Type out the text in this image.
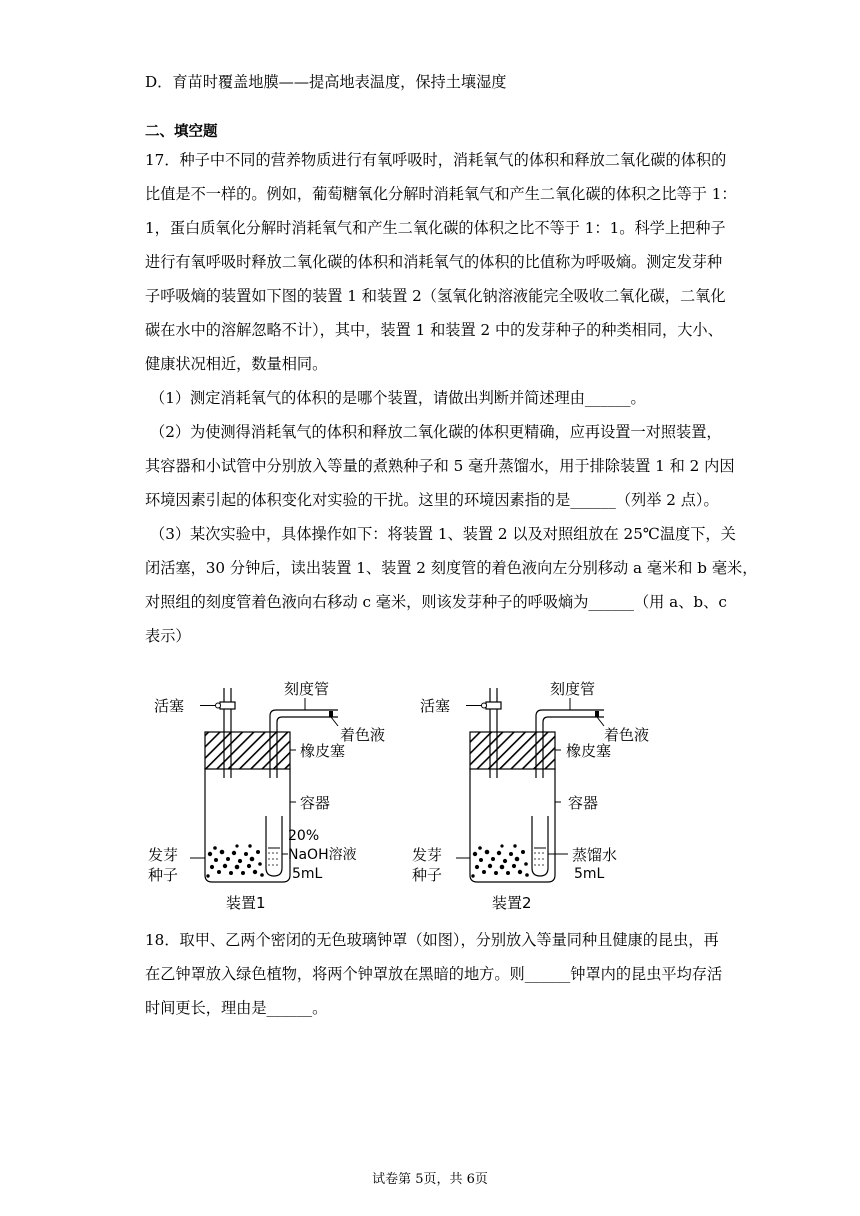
D．育苗时覆盖地膜——提高地表温度，保持土壤湿度
二、填空题
17．种子中不同的营养物质进行有氧呼吸时，消耗氧气的体积和释放二氧化碳的体积的
比值是不一样的。例如，葡萄糖氧化分解时消耗氧气和产生二氧化碳的体积之比等于 1：
1，蛋白质氧化分解时消耗氧气和产生二氧化碳的体积之比不等于 1：1。科学上把种子
进行有氧呼吸时释放二氧化碳的体积和消耗氧气的体积的比值称为呼吸熵。测定发芽种
子呼吸熵的装置如下图的装置 1 和装置 2（氢氧化钠溶液能完全吸收二氧化碳，二氧化
碳在水中的溶解忽略不计），其中，装置 1 和装置 2 中的发芽种子的种类相同，大小、
健康状况相近，数量相同。
（1）测定消耗氧气的体积的是哪个装置，请做出判断并简述理由______。
（2）为使测得消耗氧气的体积和释放二氧化碳的体积更精确，应再设置一对照装置，
其容器和小试管中分别放入等量的煮熟种子和 5 毫升蒸馏水，用于排除装置 1 和 2 内因
环境因素引起的体积变化对实验的干扰。这里的环境因素指的是______（列举 2 点）。
（3）某次实验中，具体操作如下：将装置 1、装置 2 以及对照组放在 25℃温度下，关
闭活塞，30 分钟后，读出装置 1、装置 2 刻度管的着色液向左分别移动 a 毫米和 b 毫米，
对照组的刻度管着色液向右移动 c 毫米，则该发芽种子的呼吸熵为______（用 a、b、c
表示）
活塞
刻度管
着色液
橡皮塞
容器
20%
NaOH溶液
5mL
发芽
种子
装置1
活塞
刻度管
着色液
橡皮塞
容器
蒸馏水
5mL
发芽
种子
装置2
18．取甲、乙两个密闭的无色玻璃钟罩（如图），分别放入等量同种且健康的昆虫，再
在乙钟罩放入绿色植物，将两个钟罩放在黑暗的地方。则______钟罩内的昆虫平均存活
时间更长，理由是______。
试卷第 5页，共 6页
